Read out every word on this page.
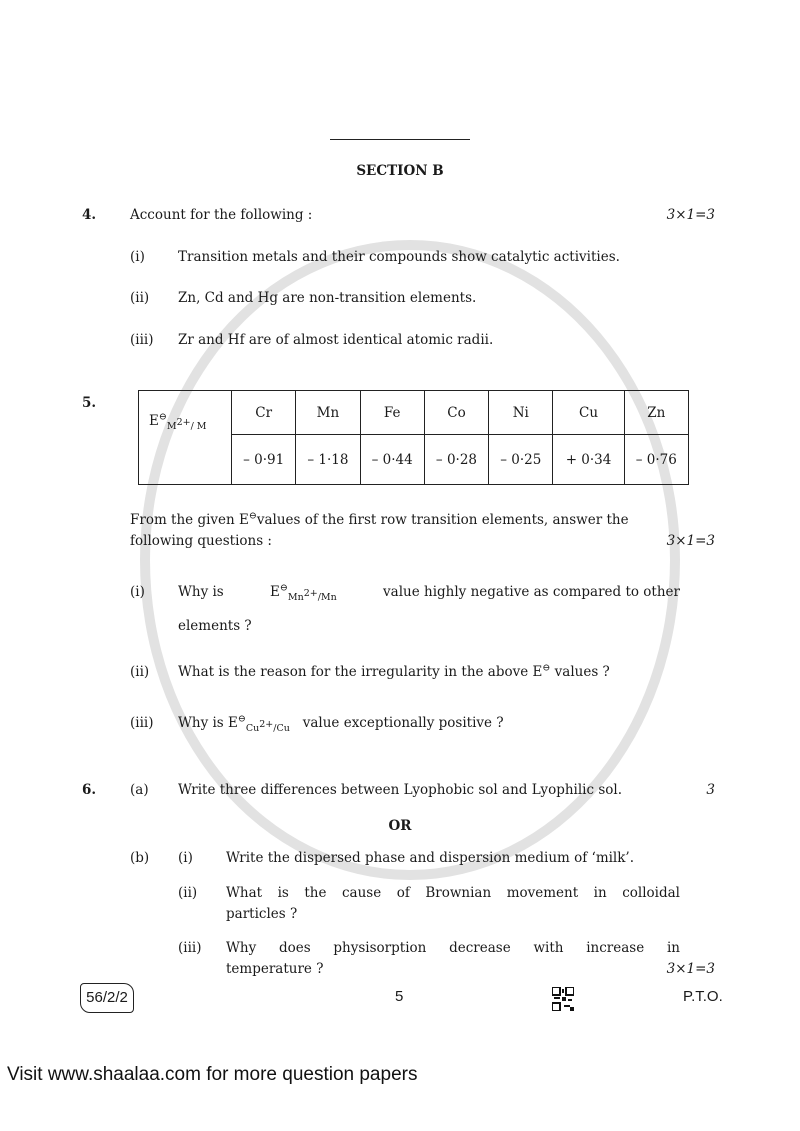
SECTION B
4.	Account for the following :	3×1=3
(i) Transition metals and their compounds show catalytic activities.
(ii) Zn, Cd and Hg are non-transition elements.
(iii) Zr and Hf are of almost identical atomic radii.
5.
$E^⊖_{M^{2+}/ M}$	Cr	Mn	Fe	Co	Ni	Cu	Zn
	– 0·91	– 1·18	– 0·44	– 0·28	– 0·25	+ 0·34	– 0·76
From the given E⊖values of the first row transition elements, answer the
following questions :	3×1=3
(i) Why is	$E^⊖_{Mn^{2+}/Mn}$	value highly negative as compared to other
elements ?
(ii) What is the reason for the irregularity in the above E⊖ values ?
(iii) Why is $E^⊖_{Cu^{2+}/Cu}$ value exceptionally positive ?
6.	(a) Write three differences between Lyophobic sol and Lyophilic sol.	3
OR
(b) (i) Write the dispersed phase and dispersion medium of ‘milk’.
(ii) What is the cause of Brownian movement in colloidal
particles ?
(iii) Why does physisorption decrease with increase in
temperature ?	3×1=3
56/2/2	5	P.T.O.
Visit www.shaalaa.com for more question papers
